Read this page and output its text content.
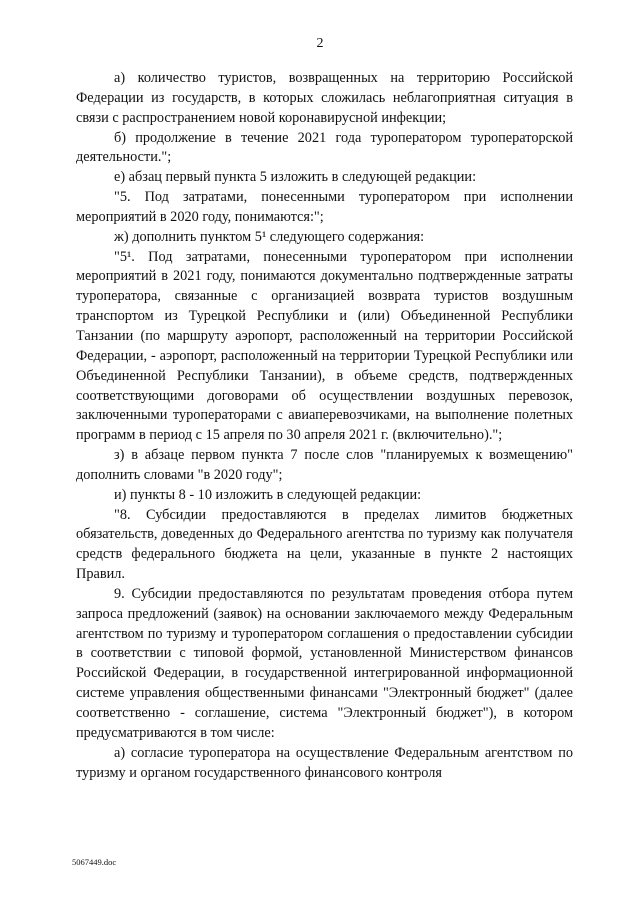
2

а) количество туристов, возвращенных на территорию Российской Федерации из государств, в которых сложилась неблагоприятная ситуация в связи с распространением новой коронавирусной инфекции;

б) продолжение в течение 2021 года туроператором туроператорской деятельности.";

е) абзац первый пункта 5 изложить в следующей редакции:

"5. Под затратами, понесенными туроператором при исполнении мероприятий в 2020 году, понимаются:";

ж) дополнить пунктом 5¹ следующего содержания:

"5¹. Под затратами, понесенными туроператором при исполнении мероприятий в 2021 году, понимаются документально подтвержденные затраты туроператора, связанные с организацией возврата туристов воздушным транспортом из Турецкой Республики и (или) Объединенной Республики Танзании (по маршруту аэропорт, расположенный на территории Российской Федерации, - аэропорт, расположенный на территории Турецкой Республики или Объединенной Республики Танзании), в объеме средств, подтвержденных соответствующими договорами об осуществлении воздушных перевозок, заключенными туроператорами с авиаперевозчиками, на выполнение полетных программ в период с 15 апреля по 30 апреля 2021 г. (включительно).";

з) в абзаце первом пункта 7 после слов "планируемых к возмещению" дополнить словами "в 2020 году";

и) пункты 8 - 10 изложить в следующей редакции:

"8. Субсидии предоставляются в пределах лимитов бюджетных обязательств, доведенных до Федерального агентства по туризму как получателя средств федерального бюджета на цели, указанные в пункте 2 настоящих Правил.

9. Субсидии предоставляются по результатам проведения отбора путем запроса предложений (заявок) на основании заключаемого между Федеральным агентством по туризму и туроператором соглашения о предоставлении субсидии в соответствии с типовой формой, установленной Министерством финансов Российской Федерации, в государственной интегрированной информационной системе управления общественными финансами "Электронный бюджет" (далее соответственно - соглашение, система "Электронный бюджет"), в котором предусматриваются в том числе:

а) согласие туроператора на осуществление Федеральным агентством по туризму и органом государственного финансового контроля

5067449.doc
